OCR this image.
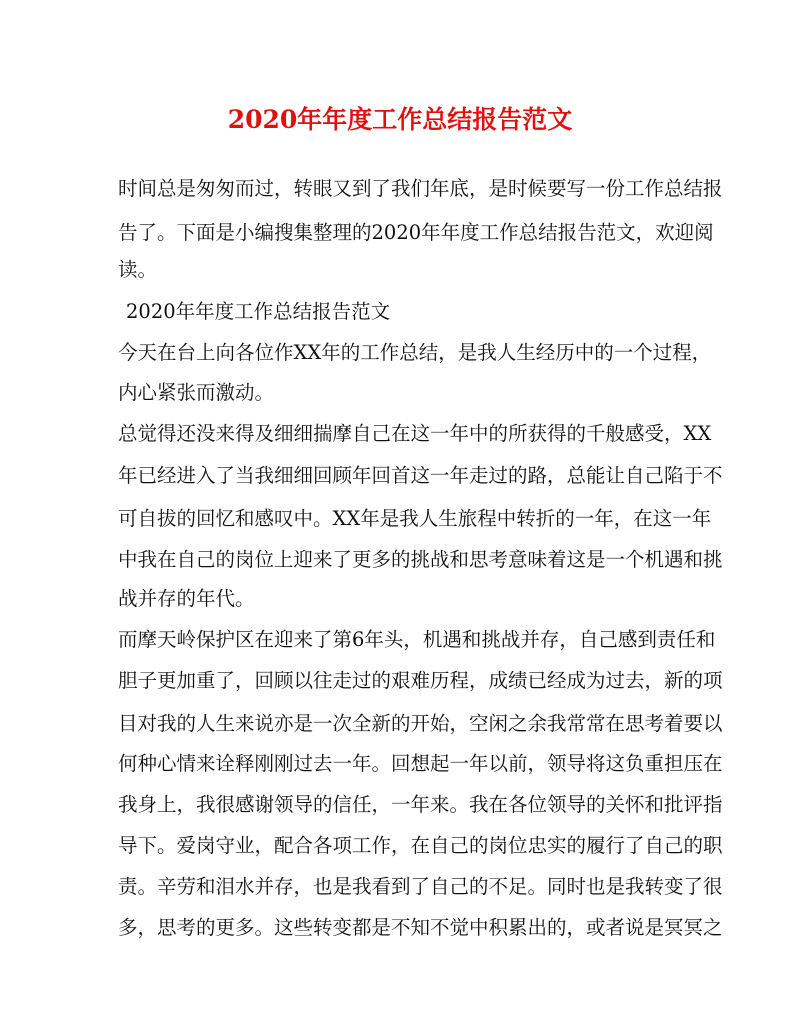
2020年年度工作总结报告范文
时间总是匆匆而过，转眼又到了我们年底，是时候要写一份工作总结报
告了。下面是小编搜集整理的2020年年度工作总结报告范文，欢迎阅
读。
2020年年度工作总结报告范文
今天在台上向各位作XX年的工作总结，是我人生经历中的一个过程，
内心紧张而激动。
总觉得还没来得及细细揣摩自己在这一年中的所获得的千般感受，XX
年已经进入了当我细细回顾年回首这一年走过的路，总能让自己陷于不
可自拔的回忆和感叹中。XX年是我人生旅程中转折的一年，在这一年
中我在自己的岗位上迎来了更多的挑战和思考意味着这是一个机遇和挑
战并存的年代。
而摩天岭保护区在迎来了第6年头，机遇和挑战并存，自己感到责任和
胆子更加重了，回顾以往走过的艰难历程，成绩已经成为过去，新的项
目对我的人生来说亦是一次全新的开始，空闲之余我常常在思考着要以
何种心情来诠释刚刚过去一年。回想起一年以前，领导将这负重担压在
我身上，我很感谢领导的信任，一年来。我在各位领导的关怀和批评指
导下。爱岗守业，配合各项工作，在自己的岗位忠实的履行了自己的职
责。辛劳和泪水并存，也是我看到了自己的不足。同时也是我转变了很
多，思考的更多。这些转变都是不知不觉中积累出的，或者说是冥冥之
